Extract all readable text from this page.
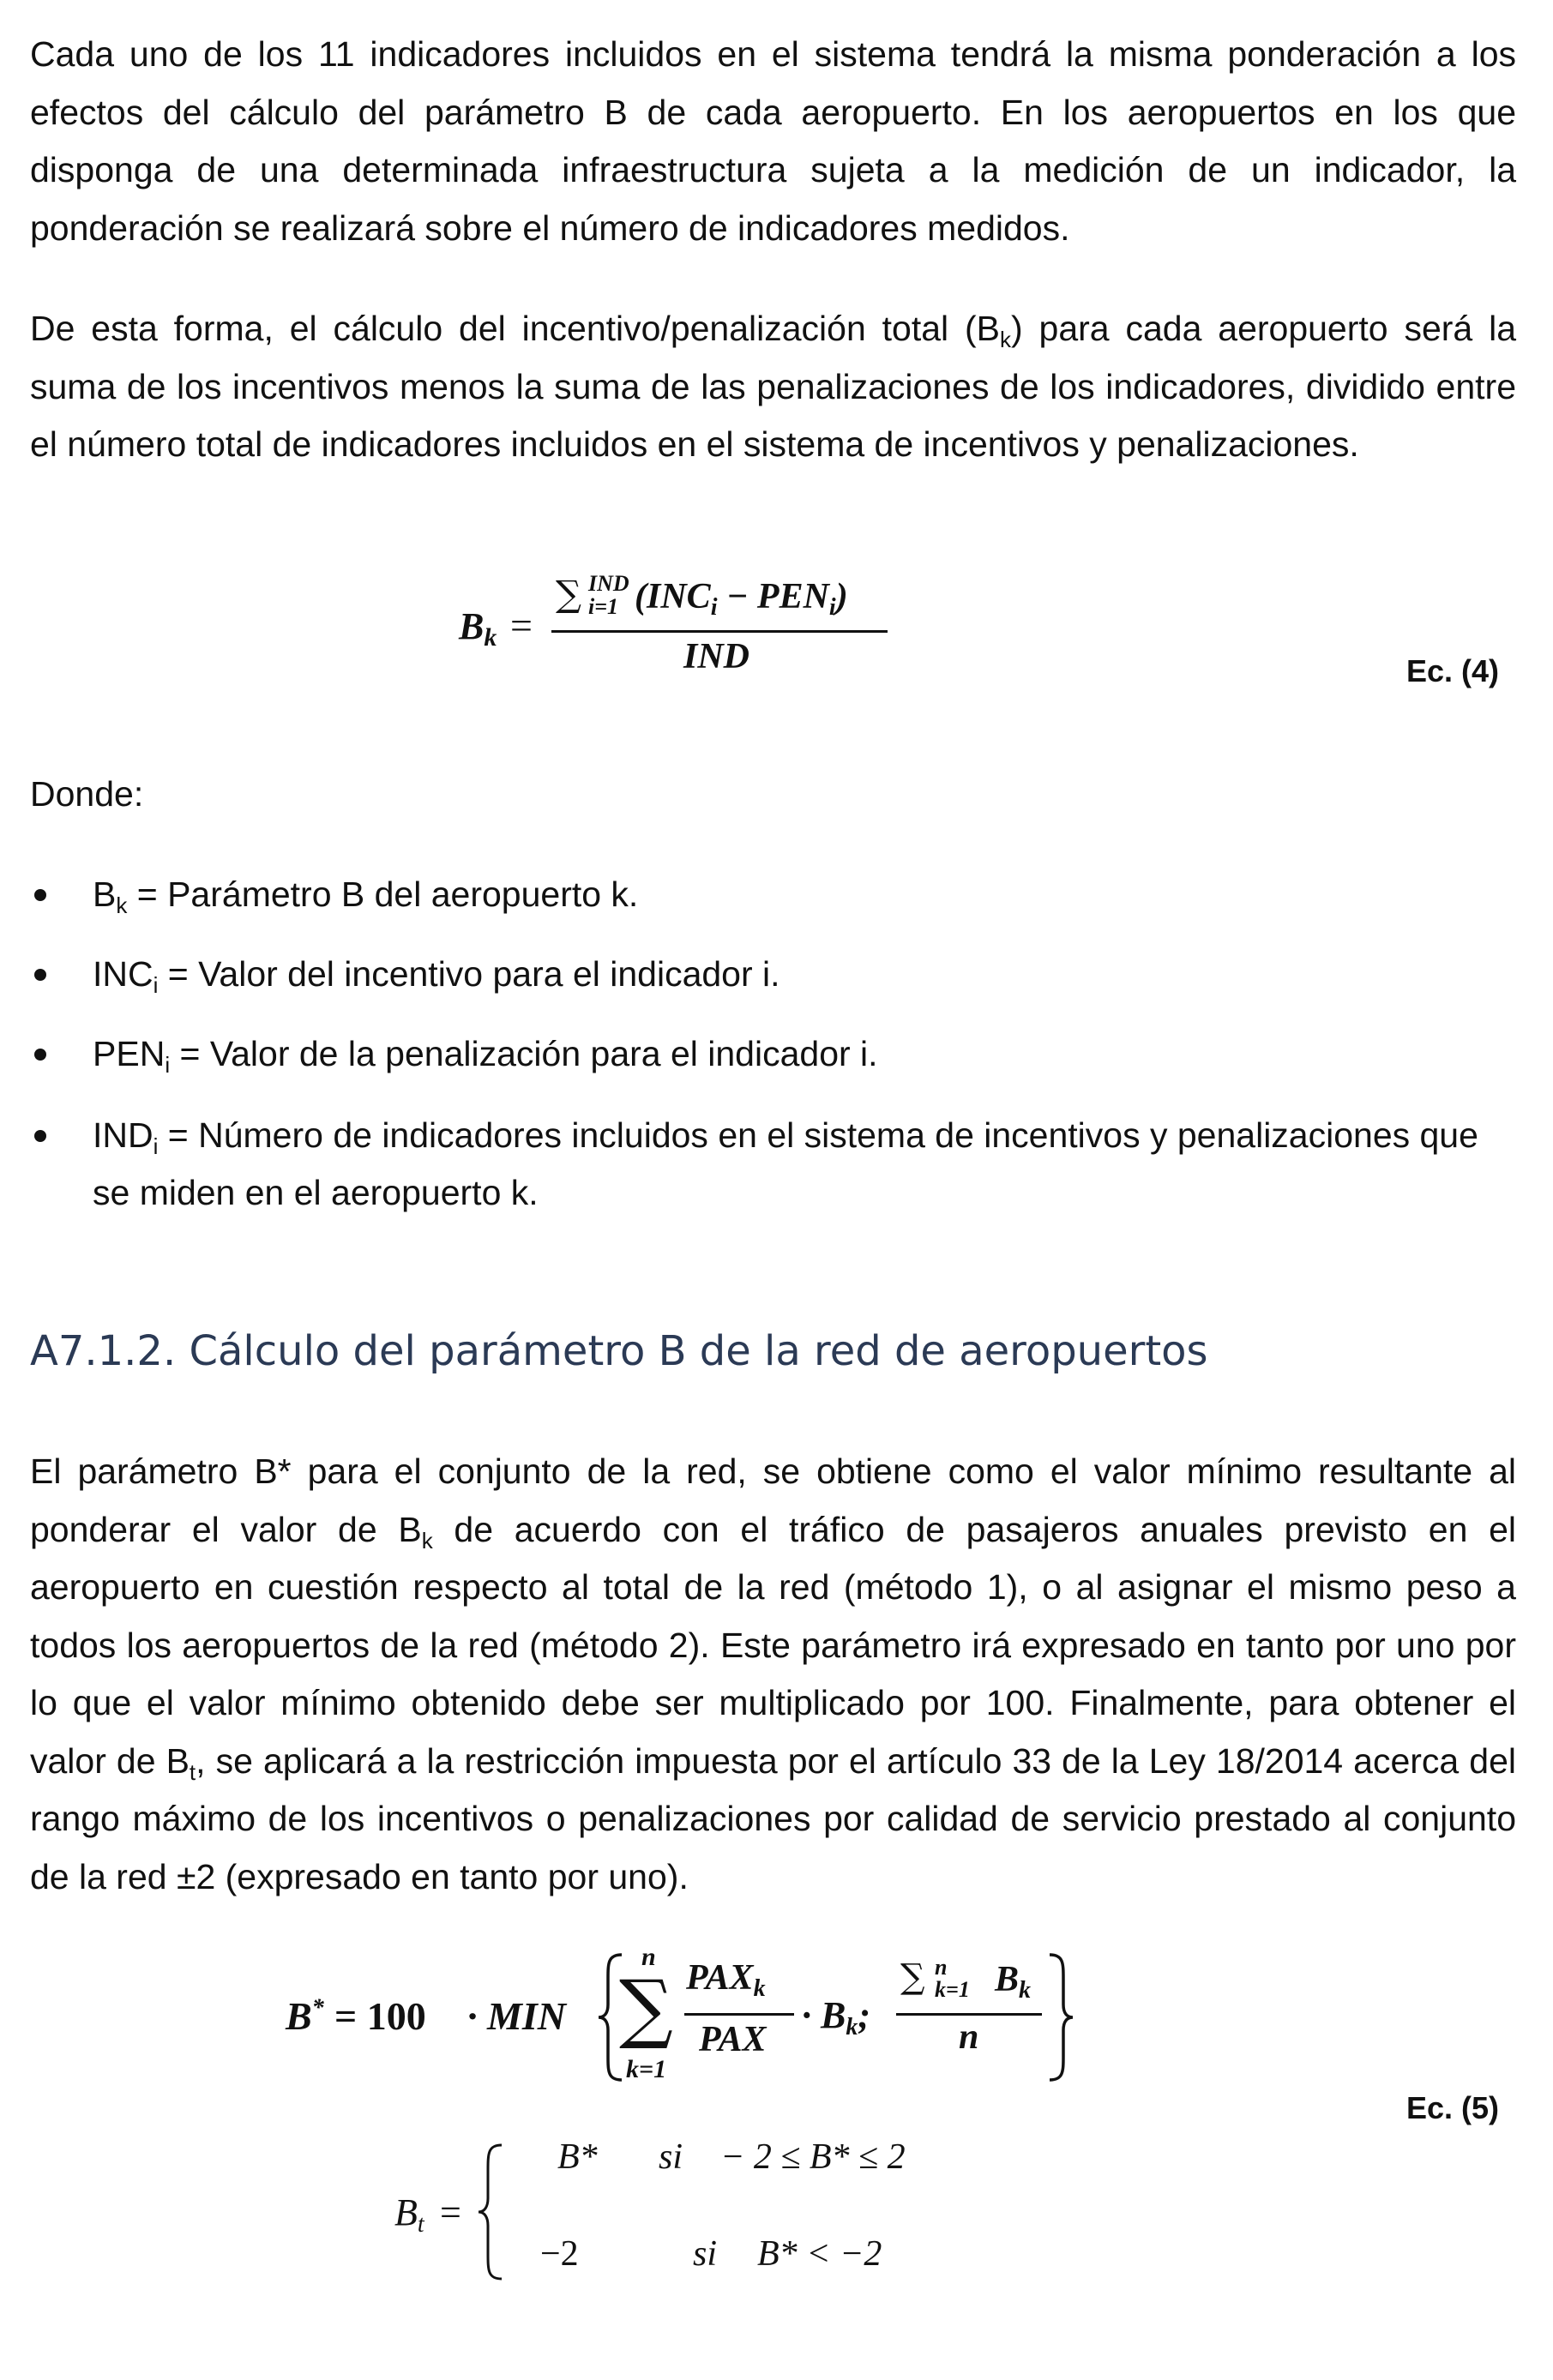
Cada uno de los 11 indicadores incluidos en el sistema tendrá la misma ponderación a los efectos del cálculo del parámetro B de cada aeropuerto. En los aeropuertos en los que disponga de una determinada infraestructura sujeta a la medición de un indicador, la ponderación se realizará sobre el número de indicadores medidos.

De esta forma, el cálculo del incentivo/penalización total $(B_k)$ para cada aeropuerto será la suma de los incentivos menos la suma de las penalizaciones de los indicadores, dividido entre el número total de indicadores incluidos en el sistema de incentivos y penalizaciones.

$B_k$ =
∑ IND
i=1 $(INC_i - PEN_i)$
IND	Ec. (4)

Donde:

$B_k$ = Parámetro B del aeropuerto k.

$INC_i$ = Valor del incentivo para el indicador i.

$PEN_i$ = Valor de la penalización para el indicador i.

$IND_i$ = Número de indicadores incluidos en el sistema de incentivos y penalizaciones que se miden en el aeropuerto k.

A7.1.2. Cálculo del parámetro B de la red de aeropuertos

El parámetro B* para el conjunto de la red, se obtiene como el valor mínimo resultante al ponderar el valor de $B_k$ de acuerdo con el tráfico de pasajeros anuales previsto en el aeropuerto en cuestión respecto al total de la red (método 1), o al asignar el mismo peso a todos los aeropuertos de la red (método 2). Este parámetro irá expresado en tanto por uno por lo que el valor mínimo obtenido debe ser multiplicado por 100. Finalmente, para obtener el valor de $B_t$, se aplicará a la restricción impuesta por el artículo 33 de la Ley 18/2014 acerca del rango máximo de los incentivos o penalizaciones por calidad de servicio prestado al conjunto de la red ±2 (expresado en tanto por uno).

B* = 100 · MIN
n
∑
k=1
$PAX_k$
PAX
· $B_k$;
∑ n
k=1 $B_k$
n
Ec. (5)
$B_t$ =
B* si − 2 ≤ B* ≤ 2
−2	si B* < −2
